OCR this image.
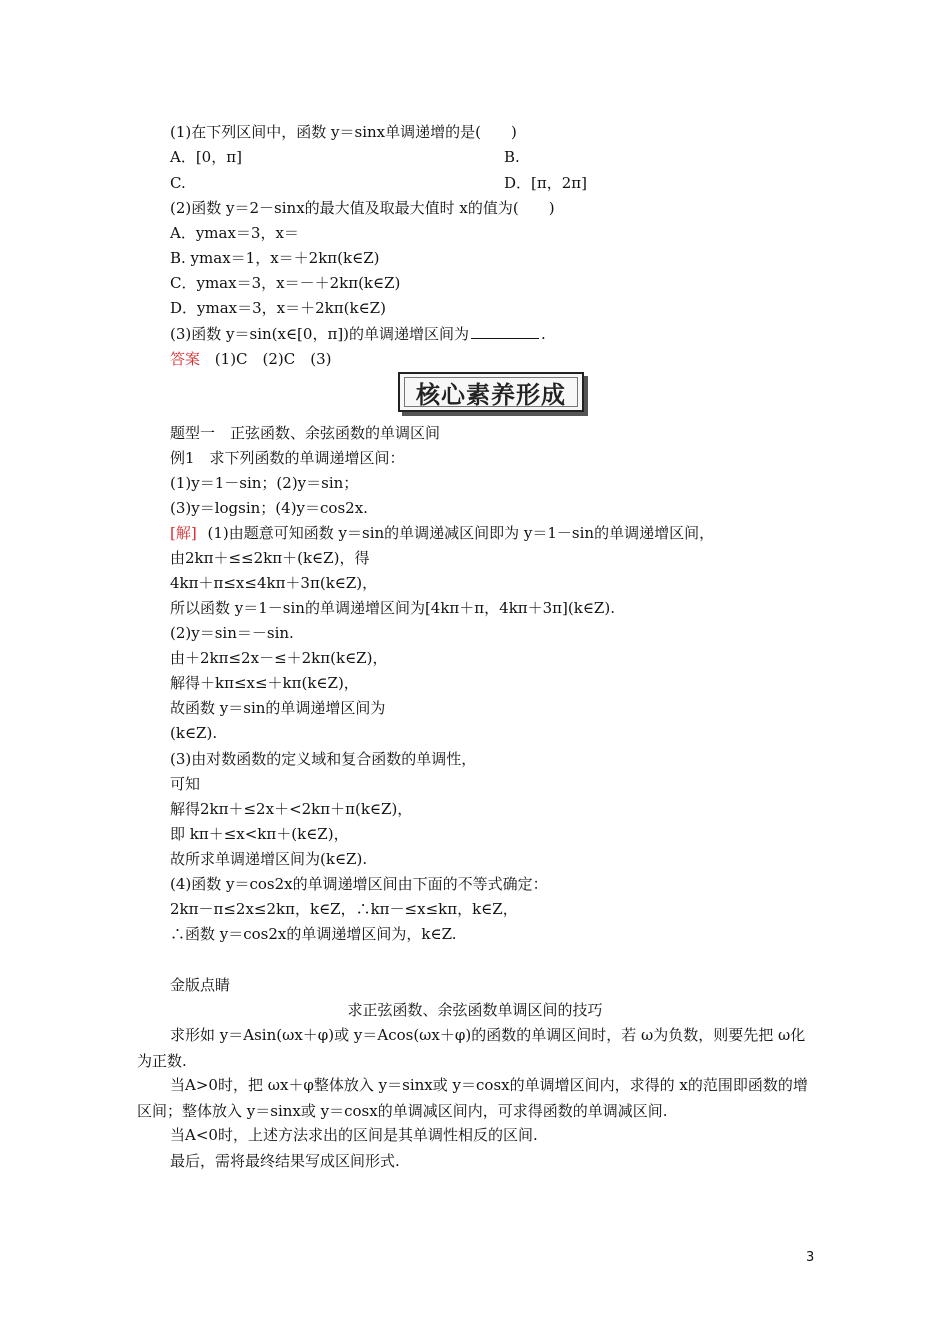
(1)在下列区间中，函数 y＝sinx单调递增的是(　　)
A．[0，π]	B.
C.	D．[π，2π]
(2)函数 y＝2－sinx的最大值及取最大值时 x的值为(　　)
A．ymax＝3，x＝
B. ymax＝1，x＝＋2kπ(k∈Z)
C．ymax＝3，x＝－＋2kπ(k∈Z)
D．ymax＝3，x＝＋2kπ(k∈Z)
(3)函数 y＝sin(x∈[0，π])的单调递增区间为	.
答案 (1)C　(2)C　(3)
核心素养形成
题型一　正弦函数、余弦函数的单调区间
例1　求下列函数的单调递增区间：
(1)y＝1－sin；(2)y＝sin；
(3)y＝logsin；(4)y＝cos2x.
[解] (1)由题意可知函数 y＝sin的单调递减区间即为 y＝1－sin的单调递增区间，
由2kπ＋≤≤2kπ＋(k∈Z)，得
4kπ＋π≤x≤4kπ＋3π(k∈Z)，
所以函数 y＝1－sin的单调递增区间为[4kπ＋π，4kπ＋3π](k∈Z).
(2)y＝sin＝－sin.
由＋2kπ≤2x－≤＋2kπ(k∈Z)，
解得＋kπ≤x≤＋kπ(k∈Z)，
故函数 y＝sin的单调递增区间为
(k∈Z).
(3)由对数函数的定义域和复合函数的单调性，
可知
解得2kπ＋≤2x＋<2kπ＋π(k∈Z)，
即 kπ＋≤x<kπ＋(k∈Z)，
故所求单调递增区间为(k∈Z).
(4)函数 y＝cos2x的单调递增区间由下面的不等式确定：
2kπ－π≤2x≤2kπ，k∈Z，∴kπ－≤x≤kπ，k∈Z，
∴函数 y＝cos2x的单调递增区间为，k∈Z.
金版点睛
求正弦函数、余弦函数单调区间的技巧
求形如 y＝Asin(ωx＋φ)或 y＝Acos(ωx＋φ)的函数的单调区间时，若 ω为负数，则要先把 ω化为正数.
当A>0时，把 ωx＋φ整体放入 y＝sinx或 y＝cosx的单调增区间内，求得的 x的范围即函数的增区间；整体放入 y＝sinx或 y＝cosx的单调减区间内，可求得函数的单调减区间.
当A<0时，上述方法求出的区间是其单调性相反的区间.
最后，需将最终结果写成区间形式.
3
